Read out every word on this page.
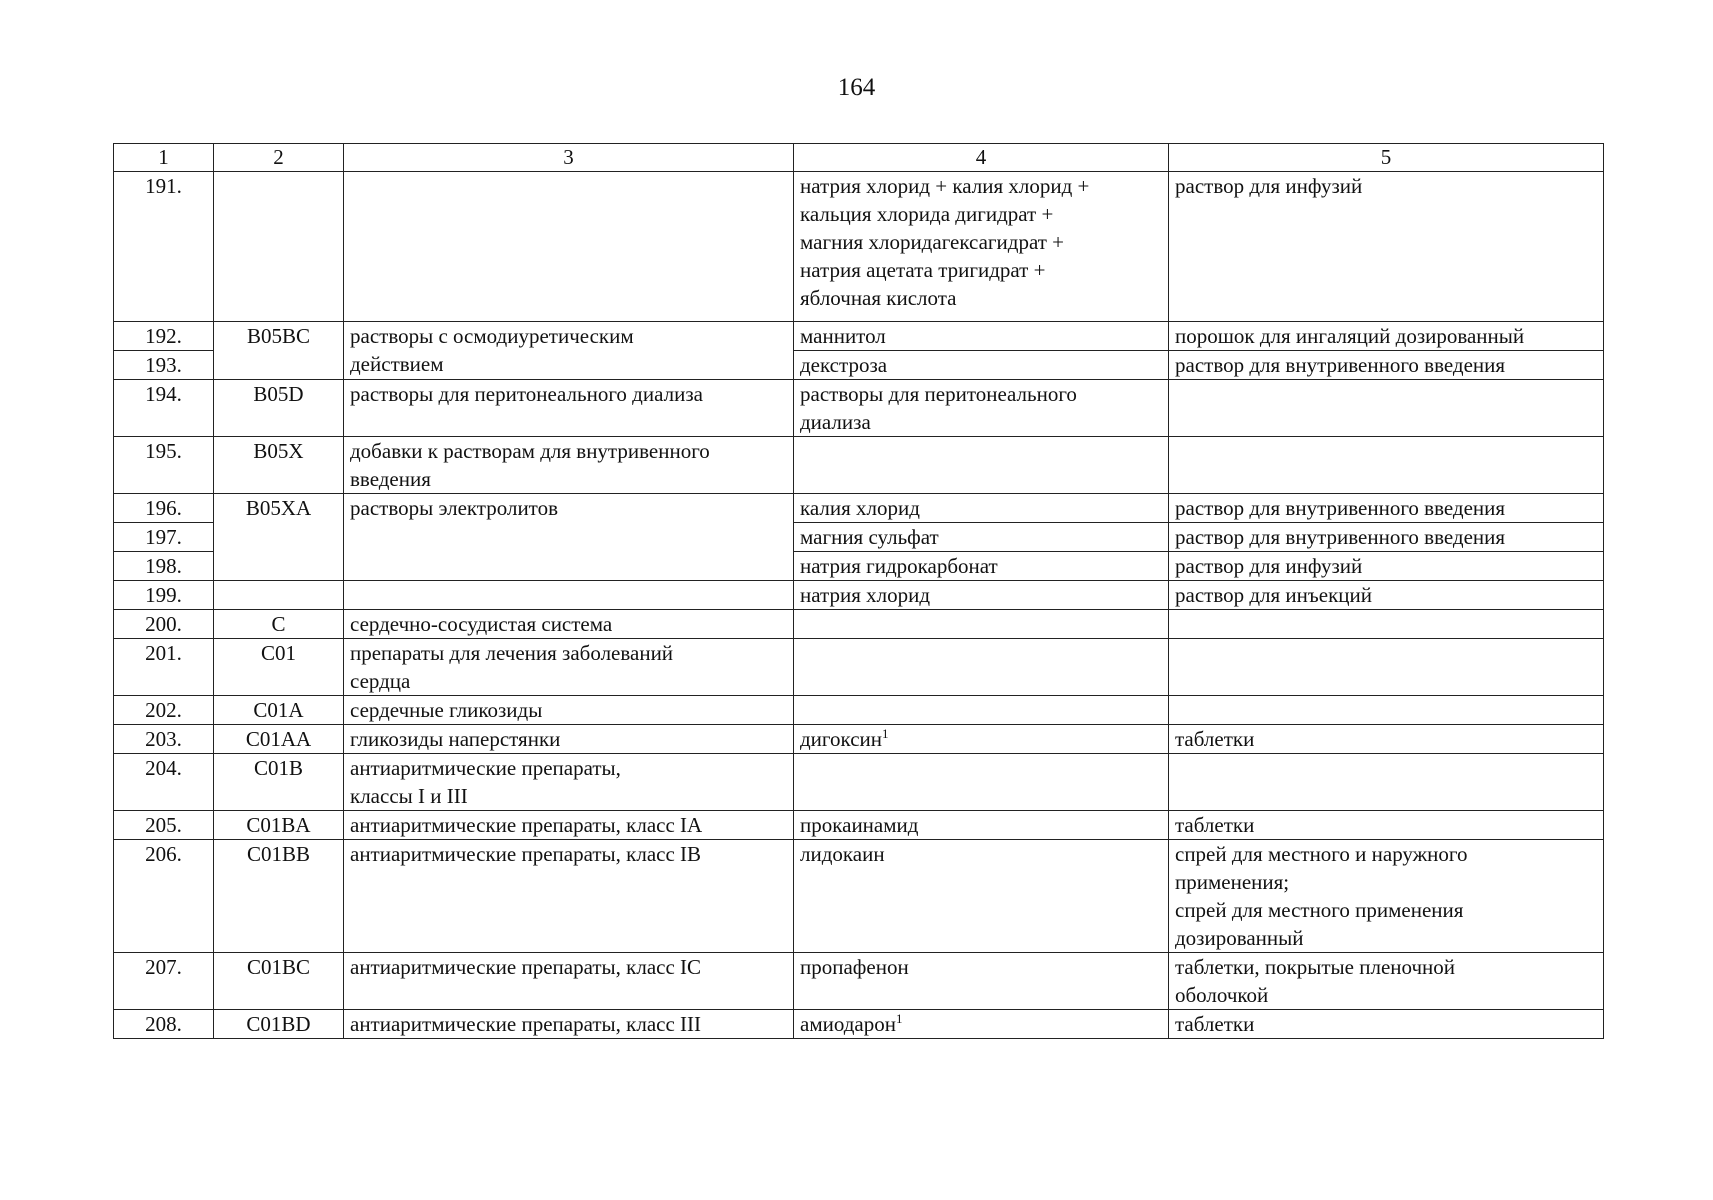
164
1	2	3	4	5
191.			натрия хлорид + калия хлорид +
кальция хлорида дигидрат +
магния хлоридагексагидрат +
натрия ацетата тригидрат +
яблочная кислота	раствор для инфузий
192.	B05BC	растворы с осмодиуретическим
действием	маннитол	порошок для ингаляций дозированный
193.			декстроза	раствор для внутривенного введения
194.	B05D	растворы для перитонеального диализа	растворы для перитонеального
диализа	
195.	B05X	добавки к растворам для внутривенного
введения		
196.	B05XA	растворы электролитов	калия хлорид	раствор для внутривенного введения
197.			магния сульфат	раствор для внутривенного введения
198.			натрия гидрокарбонат	раствор для инфузий
199.			натрия хлорид	раствор для инъекций
200.	C	сердечно-сосудистая система		
201.	C01	препараты для лечения заболеваний
сердца		
202.	C01A	сердечные гликозиды		
203.	C01AA	гликозиды наперстянки	дигоксин$^1$	таблетки
204.	C01B	антиаритмические препараты,
классы I и III		
205.	C01BA	антиаритмические препараты, класс IA	прокаинамид	таблетки
206.	C01BB	антиаритмические препараты, класс IB	лидокаин	спрей для местного и наружного
применения;
спрей для местного применения
дозированный
207.	C01BC	антиаритмические препараты, класс IC	пропафенон	таблетки, покрытые пленочной
оболочкой
208.	C01BD	антиаритмические препараты, класс III	амиодарон$^1$	таблетки
